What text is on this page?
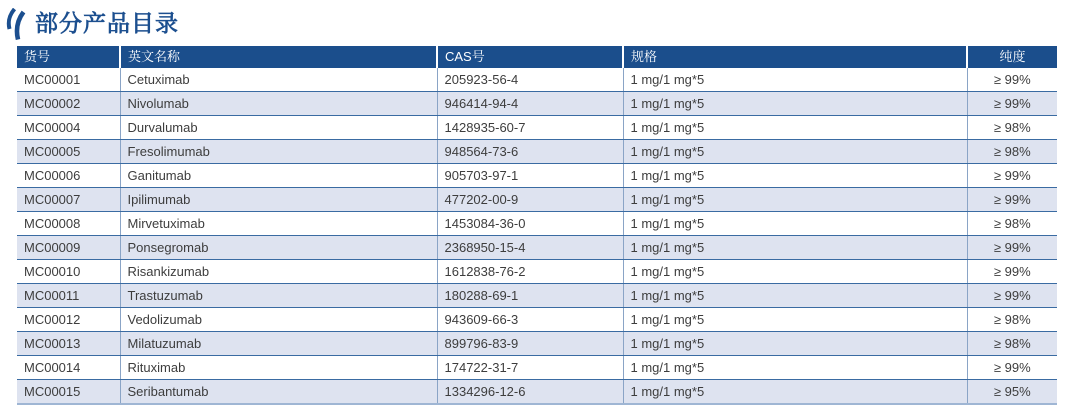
部分产品目录
货号	英文名称	CAS号	规格	纯度
MC00001	Cetuximab	205923-56-4	1 mg/1 mg*5	≥ 99%
MC00002	Nivolumab	946414-94-4	1 mg/1 mg*5	≥ 99%
MC00004	Durvalumab	1428935-60-7	1 mg/1 mg*5	≥ 98%
MC00005	Fresolimumab	948564-73-6	1 mg/1 mg*5	≥ 98%
MC00006	Ganitumab	905703-97-1	1 mg/1 mg*5	≥ 99%
MC00007	Ipilimumab	477202-00-9	1 mg/1 mg*5	≥ 99%
MC00008	Mirvetuximab	1453084-36-0	1 mg/1 mg*5	≥ 98%
MC00009	Ponsegromab	2368950-15-4	1 mg/1 mg*5	≥ 99%
MC00010	Risankizumab	1612838-76-2	1 mg/1 mg*5	≥ 99%
MC00011	Trastuzumab	180288-69-1	1 mg/1 mg*5	≥ 99%
MC00012	Vedolizumab	943609-66-3	1 mg/1 mg*5	≥ 98%
MC00013	Milatuzumab	899796-83-9	1 mg/1 mg*5	≥ 98%
MC00014	Rituximab	174722-31-7	1 mg/1 mg*5	≥ 99%
MC00015	Seribantumab	1334296-12-6	1 mg/1 mg*5	≥ 95%
